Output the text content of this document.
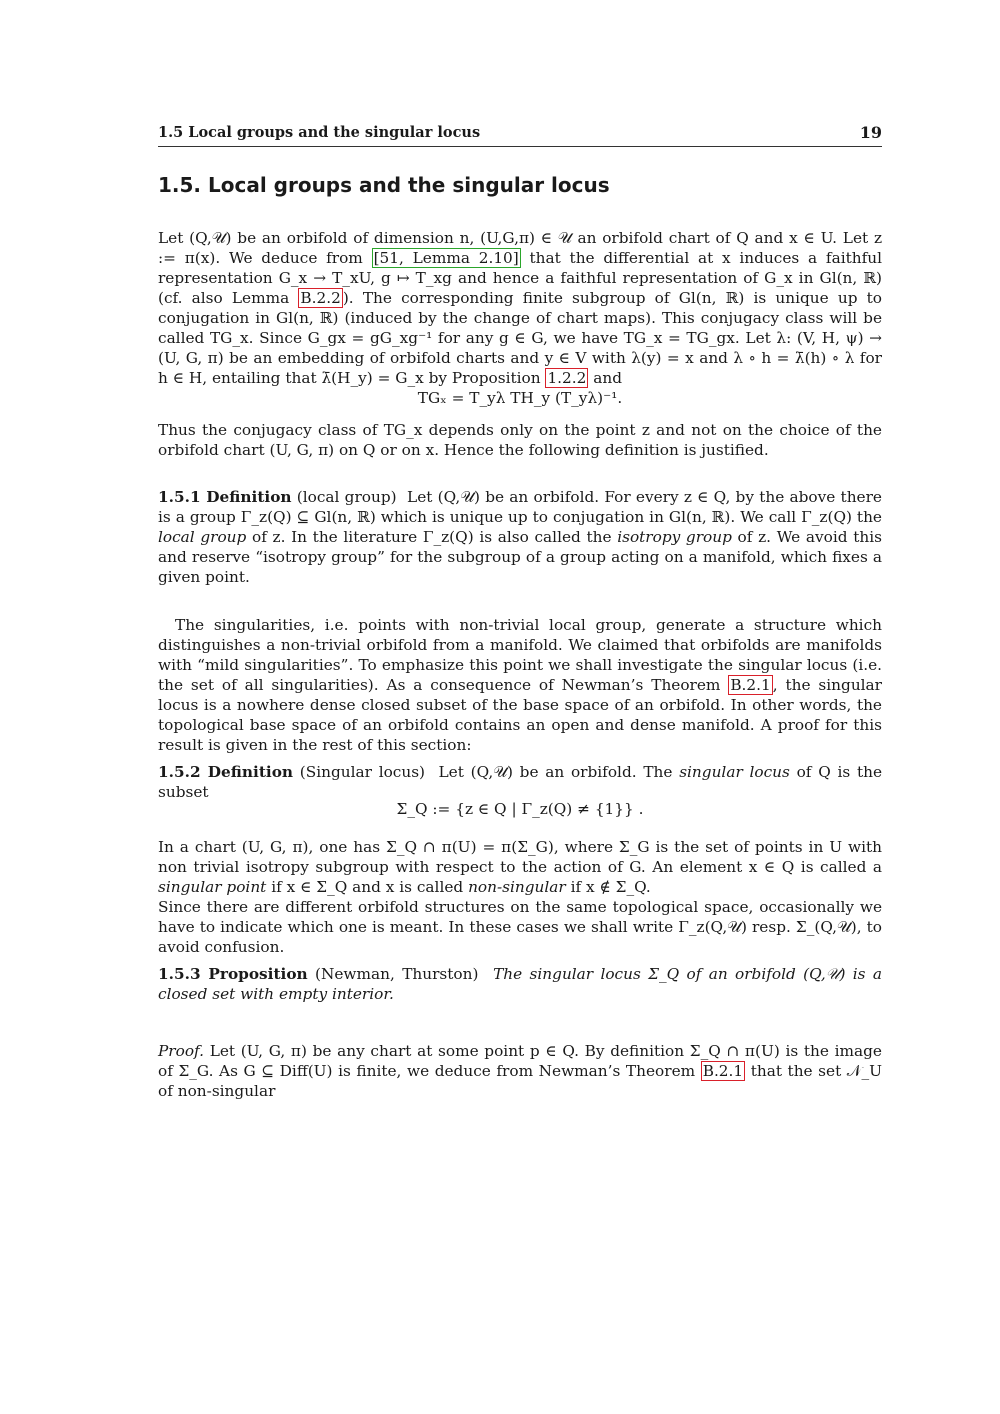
1.5 Local groups and the singular locus	19
1.5. Local groups and the singular locus
Let (Q,𝒰) be an orbifold of dimension n, (U,G,π) ∈ 𝒰 an orbifold chart of Q and x ∈ U. Let z := π(x). We deduce from [51, Lemma 2.10] that the differential at x induces a faithful representation G_x → T_xU, g ↦ T_xg and hence a faithful representation of G_x in Gl(n, ℝ) (cf. also Lemma B.2.2 ). The corresponding finite subgroup of Gl(n, ℝ) is unique up to conjugation in Gl(n, ℝ) (induced by the change of chart maps). This conjugacy class will be called TG_x. Since G_gx = gG_xg⁻¹ for any g ∈ G, we have TG_x = TG_gx. Let λ: (V, H, ψ) → (U, G, π) be an embedding of orbifold charts and y ∈ V with λ(y) = x and λ ∘ h = λ̄(h) ∘ λ for h ∈ H, entailing that λ̄(H_y) = G_x by Proposition 1.2.2 and
TGₓ = T_yλ TH_y (T_yλ)⁻¹.
Thus the conjugacy class of TG_x depends only on the point z and not on the choice of the orbifold chart (U, G, π) on Q or on x. Hence the following definition is justified.
1.5.1 Definition (local group) Let (Q,𝒰) be an orbifold. For every z ∈ Q, by the above there is a group Γ_z(Q) ⊆ Gl(n, ℝ) which is unique up to conjugation in Gl(n, ℝ). We call Γ_z(Q) the local group of z. In the literature Γ_z(Q) is also called the isotropy group of z. We avoid this and reserve “isotropy group” for the subgroup of a group acting on a manifold, which fixes a given point.
The singularities, i.e. points with non-trivial local group, generate a structure which distinguishes a non-trivial orbifold from a manifold. We claimed that orbifolds are manifolds with “mild singularities”. To emphasize this point we shall investigate the singular locus (i.e. the set of all singularities). As a consequence of Newman’s Theorem B.2.1 , the singular locus is a nowhere dense closed subset of the base space of an orbifold. In other words, the topological base space of an orbifold contains an open and dense manifold. A proof for this result is given in the rest of this section:
1.5.2 Definition (Singular locus) Let (Q,𝒰) be an orbifold. The singular locus of Q is the subset
Σ_Q := {z ∈ Q | Γ_z(Q) ≠ {1}} .
In a chart (U, G, π), one has Σ_Q ∩ π(U) = π(Σ_G), where Σ_G is the set of points in U with non trivial isotropy subgroup with respect to the action of G. An element x ∈ Q is called a singular point if x ∈ Σ_Q and x is called non-singular if x ∉ Σ_Q.
Since there are different orbifold structures on the same topological space, occasionally we have to indicate which one is meant. In these cases we shall write Γ_z(Q,𝒰) resp. Σ_(Q,𝒰), to avoid confusion.
1.5.3 Proposition (Newman, Thurston) The singular locus Σ_Q of an orbifold (Q,𝒰) is a closed set with empty interior.
Proof. Let (U, G, π) be any chart at some point p ∈ Q. By definition Σ_Q ∩ π(U) is the image of Σ_G. As G ⊆ Diff(U) is finite, we deduce from Newman’s Theorem B.2.1 that the set 𝒩_U of non-singular
